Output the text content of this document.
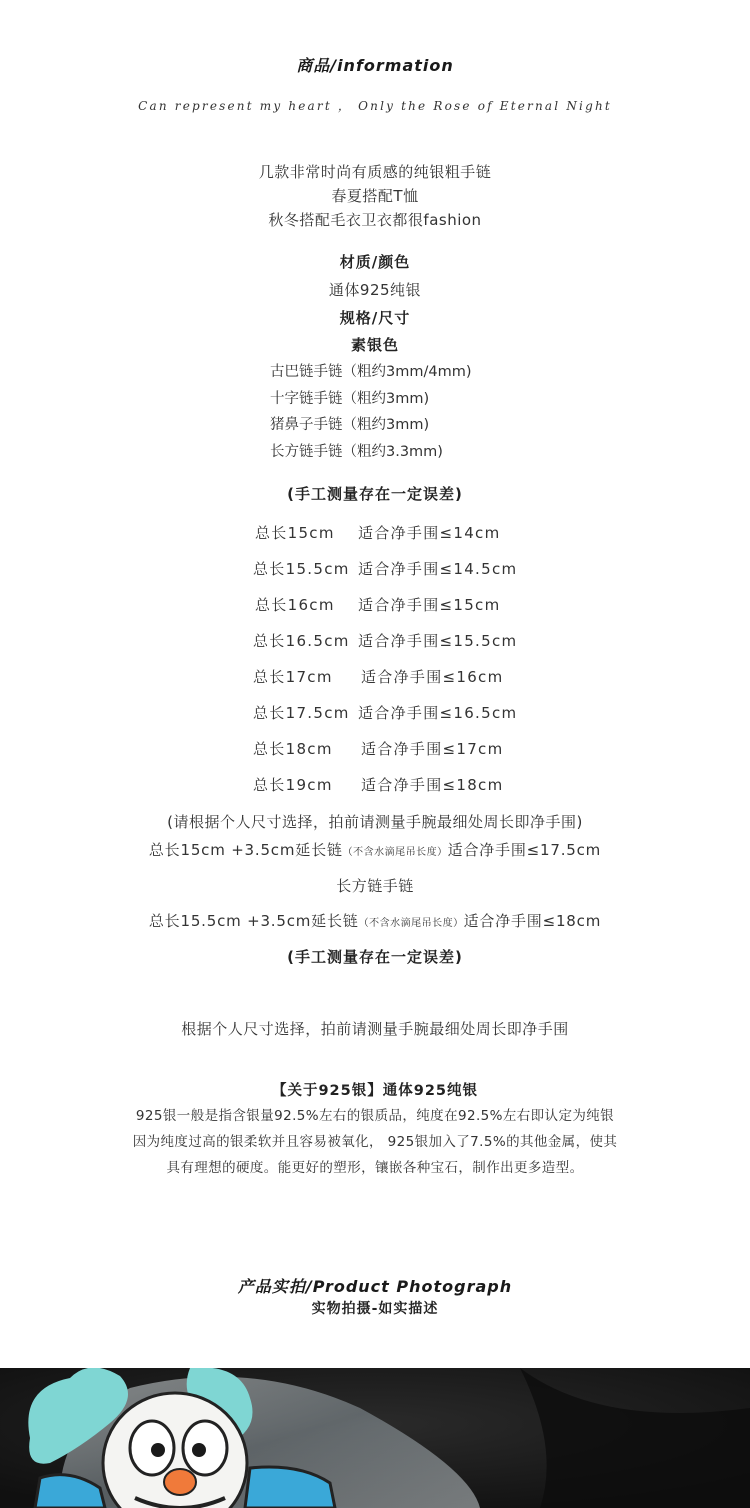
商品/information
Can represent my heart ， Only the Rose of Eternal Night
几款非常时尚有质感的纯银粗手链
春夏搭配T恤
秋冬搭配毛衣卫衣都很fashion
材质/颜色
通体925纯银
规格/尺寸
素银色
古巴链手链（粗约3mm/4mm)
十字链手链（粗约3mm)
猪鼻子手链（粗约3mm)
长方链手链（粗约3.3mm)
(手工测量存在一定误差)
总长15cm 适合净手围≤14cm
总长15.5cm 适合净手围≤14.5cm
总长16cm 适合净手围≤15cm
总长16.5cm 适合净手围≤15.5cm
总长17cm 适合净手围≤16cm
总长17.5cm 适合净手围≤16.5cm
总长18cm 适合净手围≤17cm
总长19cm 适合净手围≤18cm
(请根据个人尺寸选择，拍前请测量手腕最细处周长即净手围)
总长15cm +3.5cm延长链（不含水滴尾吊长度）适合净手围≤17.5cm
长方链手链
总长15.5cm +3.5cm延长链（不含水滴尾吊长度）适合净手围≤18cm
(手工测量存在一定误差)
根据个人尺寸选择，拍前请测量手腕最细处周长即净手围
【关于925银】通体925纯银
925银一般是指含银量92.5%左右的银质品，纯度在92.5%左右即认定为纯银
因为纯度过高的银柔软并且容易被氧化， 925银加入了7.5%的其他金属，使其
具有理想的硬度。能更好的塑形，镶嵌各种宝石，制作出更多造型。
产品实拍/Product Photograph
实物拍摄-如实描述
